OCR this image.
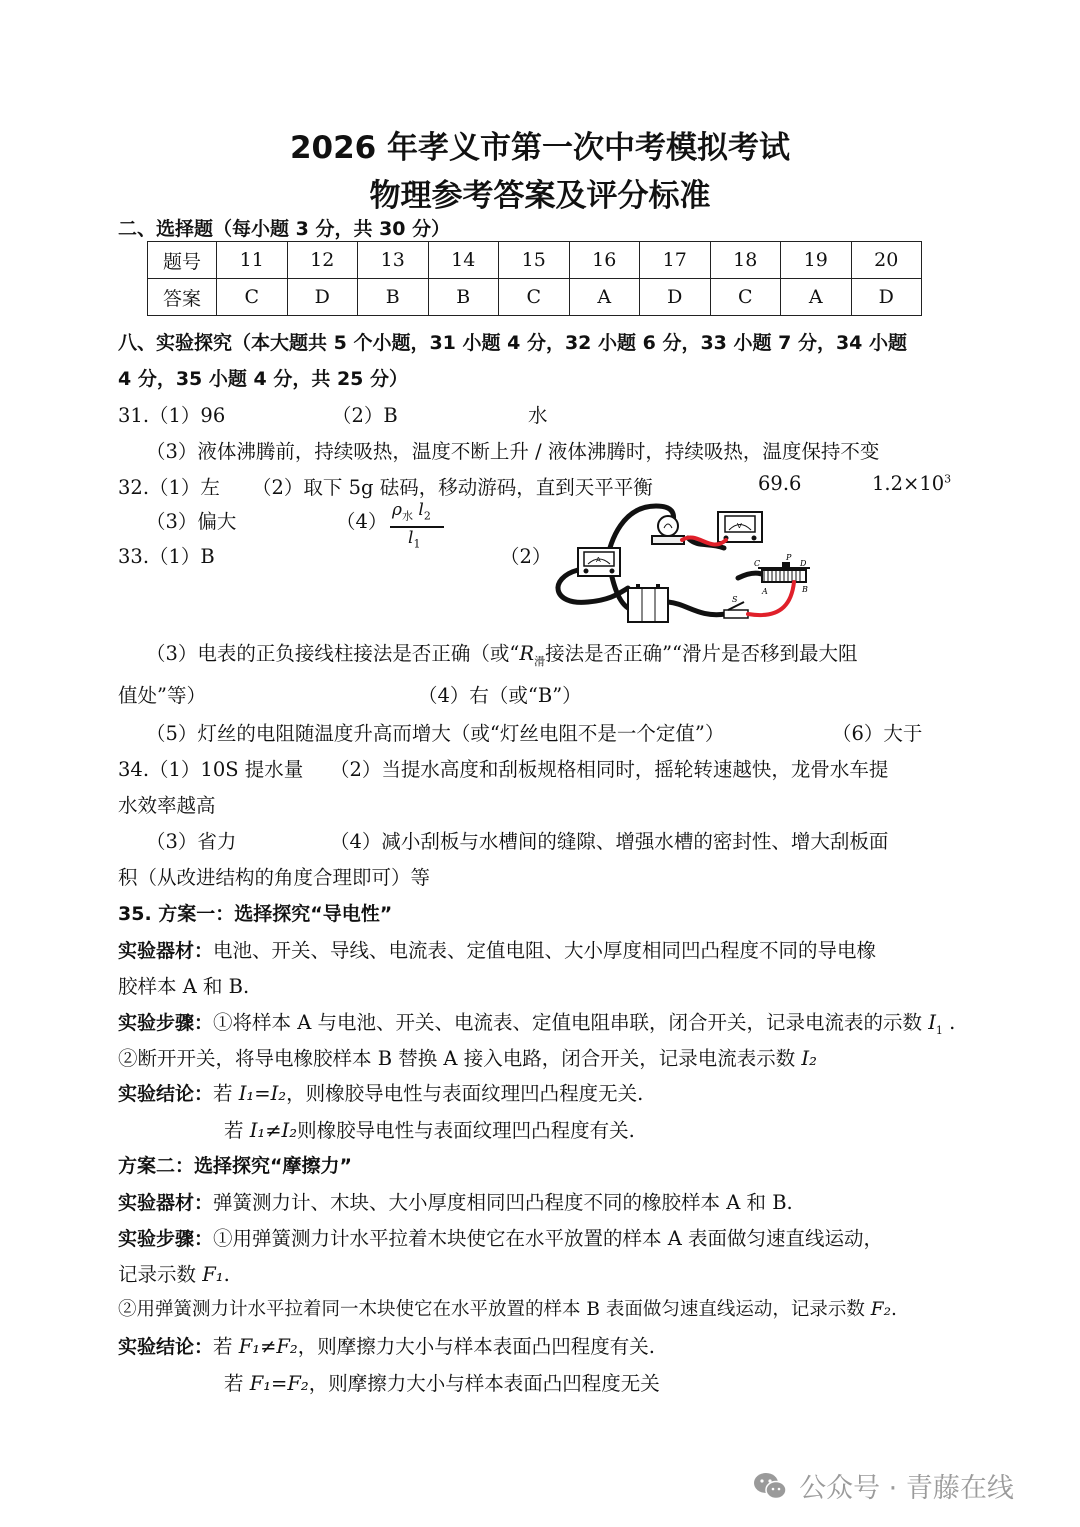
2026 年孝义市第一次中考模拟考试
物理参考答案及评分标准
二、选择题（每小题 3 分，共 30 分）
题号	11	12	13	14	15	16	17	18	19	20
答案	C	D	B	B	C	A	D	C	A	D
八、实验探究（本大题共 5 个小题，31 小题 4 分，32 小题 6 分，33 小题 7 分，34 小题
4 分，35 小题 4 分，共 25 分）
31.（1）96	（2）B	水
（3）液体沸腾前，持续吸热，温度不断上升 / 液体沸腾时，持续吸热，温度保持不变
32.（1）左 （2）取下 5g 砝码，移动游码，直到天平平衡	69.6	$1.2\times 10^3$
（3）偏大	（4） $\rho_水$ $l_2$
$l_1$
33.（1）B	（2）	A
V
C
P
D
A	B
S
（3）电表的正负接线柱接法是否正确（或“$R_滑$接法是否正确”“滑片是否移到最大阻
值处”等）	（4）右（或“B”）
（5）灯丝的电阻随温度升高而增大（或“灯丝电阻不是一个定值”）	（6）大于
34.（1）10S 提水量 （2）当提水高度和刮板规格相同时，摇轮转速越快，龙骨水车提
水效率越高
（3）省力	（4）减小刮板与水槽间的缝隙、增强水槽的密封性、增大刮板面
积（从改进结构的角度合理即可）等
35. 方案一：选择探究“导电性”
实验器材：电池、开关、导线、电流表、定值电阻、大小厚度相同凹凸程度不同的导电橡
胶样本 A 和 B.
实验步骤：①将样本 A 与电池、开关、电流表、定值电阻串联，闭合开关，记录电流表的示数 $I_1$ .
②断开开关，将导电橡胶样本 B 替换 A 接入电路，闭合开关，记录电流表示数 I₂
实验结论：若 I₁=I₂，则橡胶导电性与表面纹理凹凸程度无关.
若 I₁≠I₂则橡胶导电性与表面纹理凹凸程度有关.
方案二：选择探究“摩擦力”
实验器材：弹簧测力计、木块、大小厚度相同凹凸程度不同的橡胶样本 A 和 B.
实验步骤：①用弹簧测力计水平拉着木块使它在水平放置的样本 A 表面做匀速直线运动，
记录示数 F₁.
②用弹簧测力计水平拉着同一木块使它在水平放置的样本 B 表面做匀速直线运动，记录示数 F₂.
实验结论：若 F₁≠F₂，则摩擦力大小与样本表面凸凹程度有关.
若 F₁=F₂，则摩擦力大小与样本表面凸凹程度无关
公众号 · 青藤在线
